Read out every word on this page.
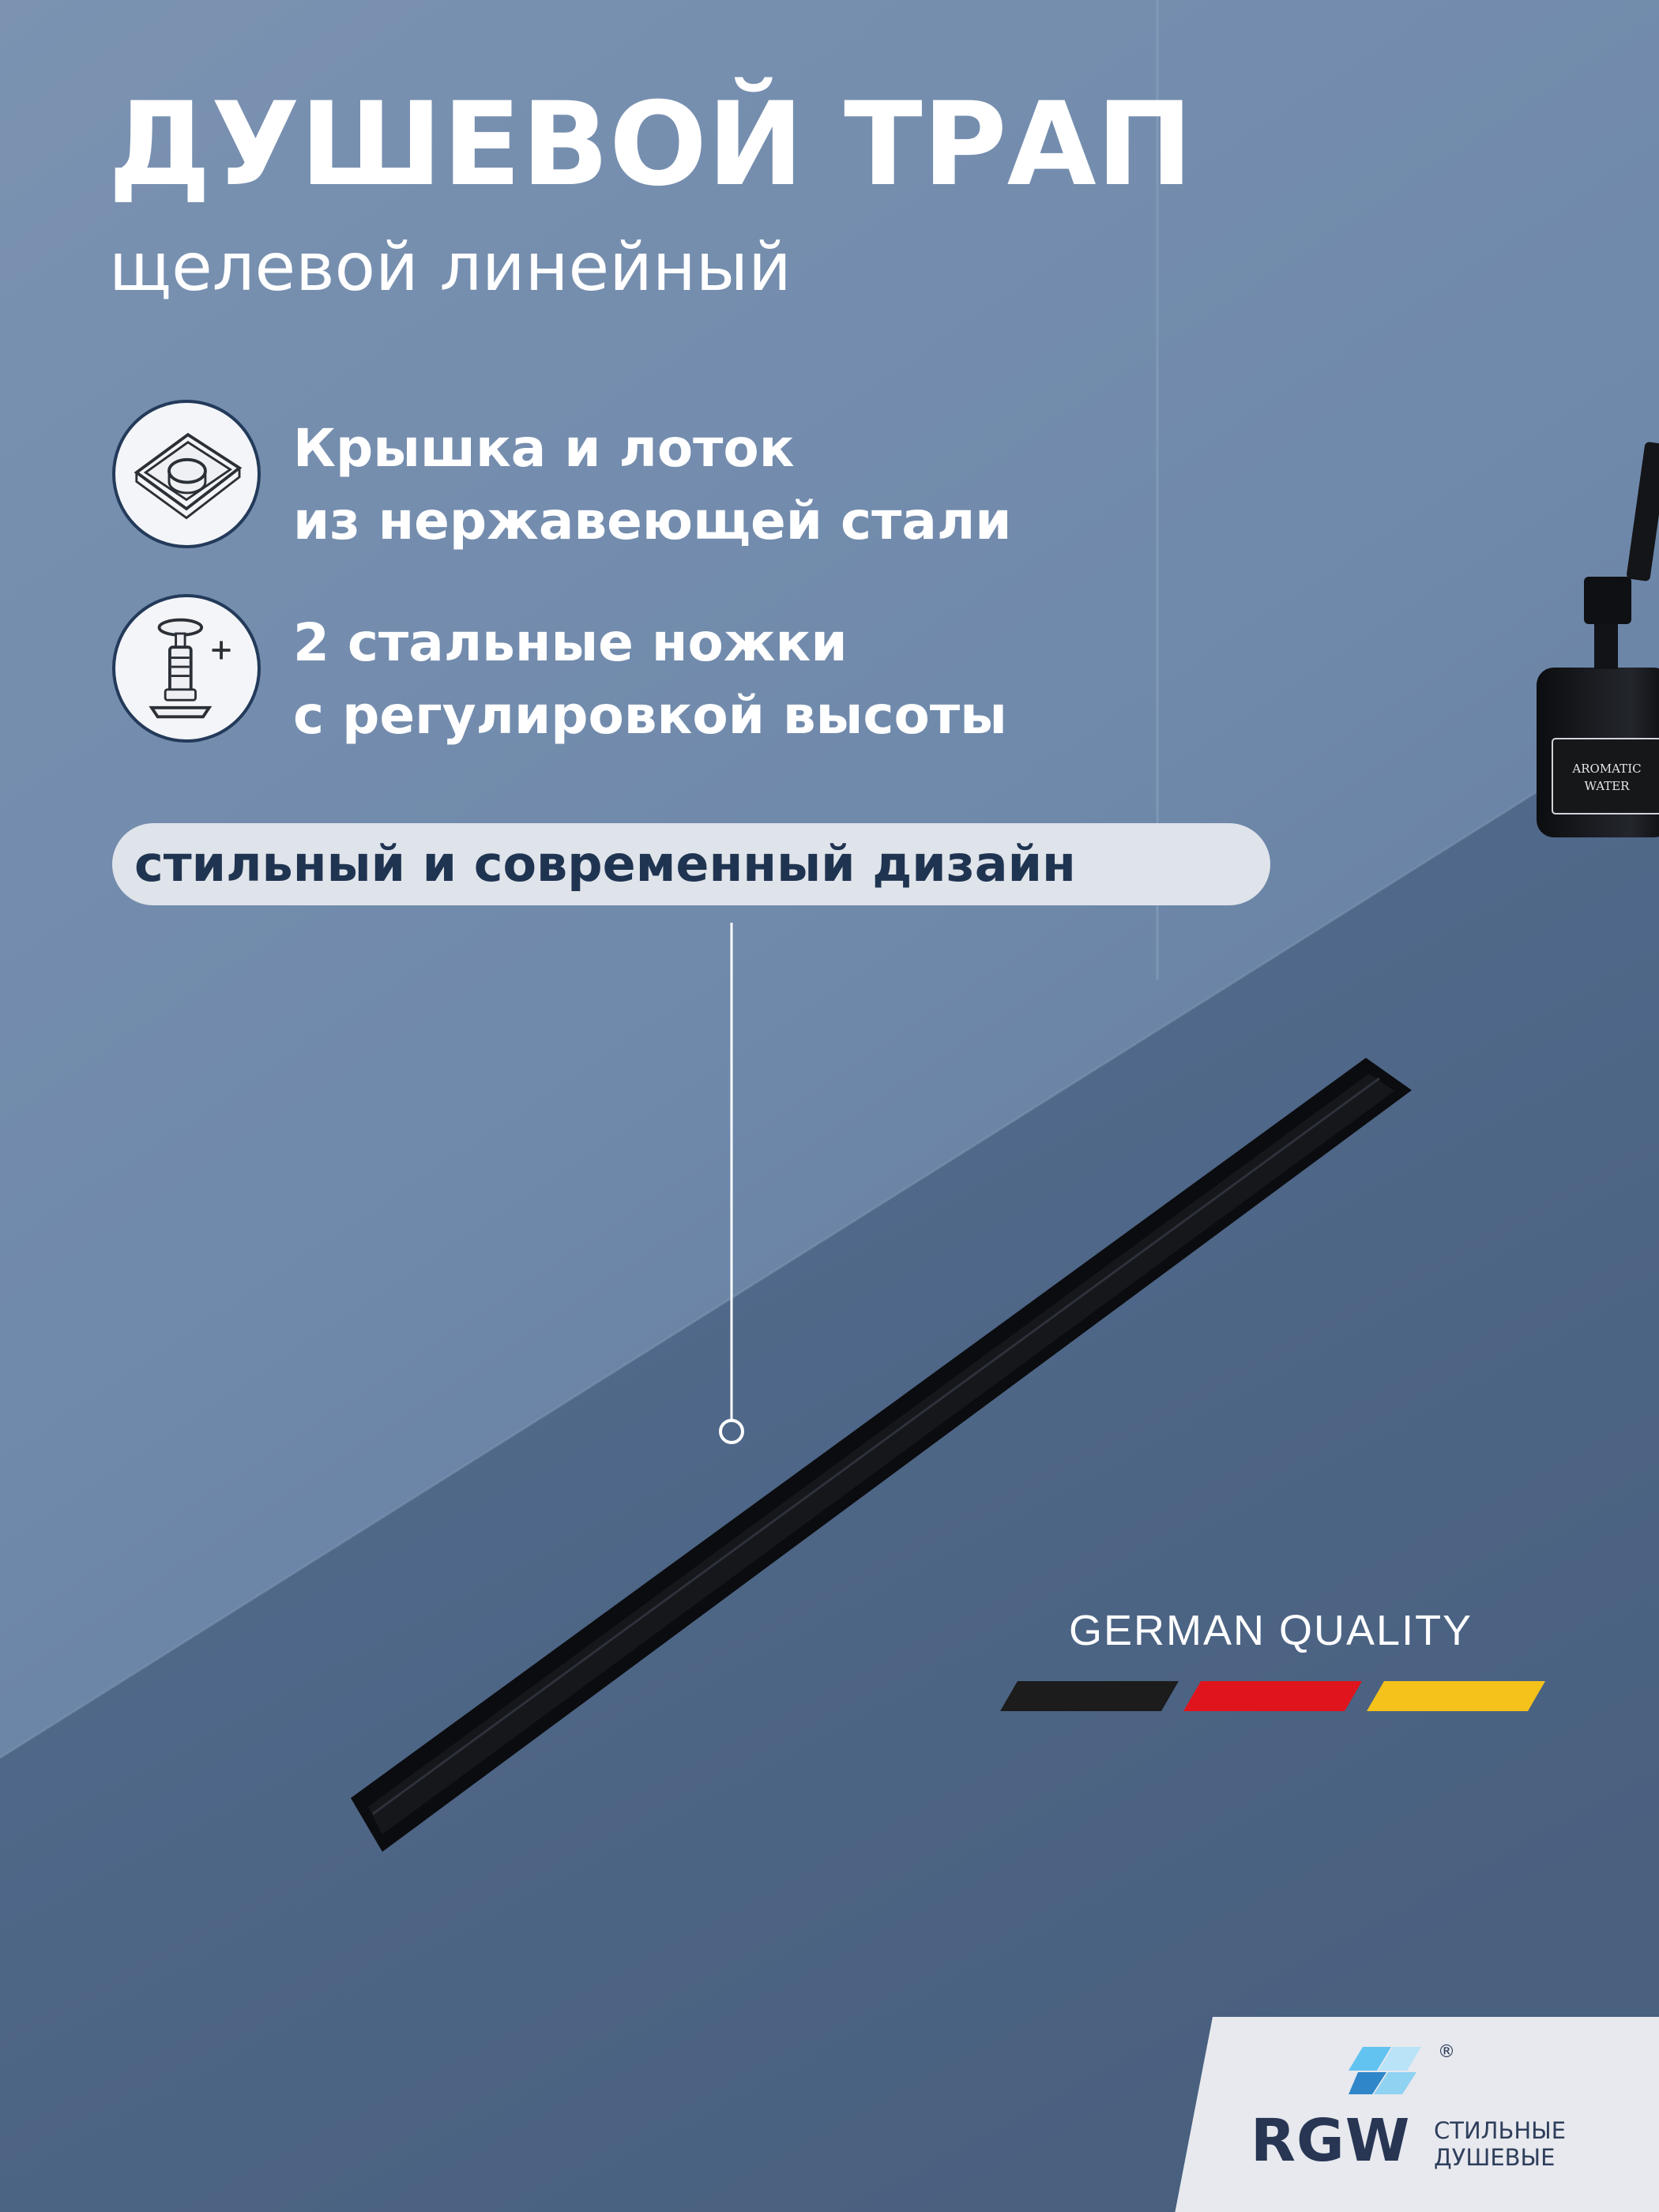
AROMATIC
WATER
ДУШЕВОЙ ТРАП
щелевой линейный
Крышка и лоток
из нержавеющей стали
2 стальные ножки
с регулировкой высоты
стильный и современный дизайн
GERMAN QUALITY
®
RGW СТИЛЬНЫЕ
ДУШЕВЫЕ
